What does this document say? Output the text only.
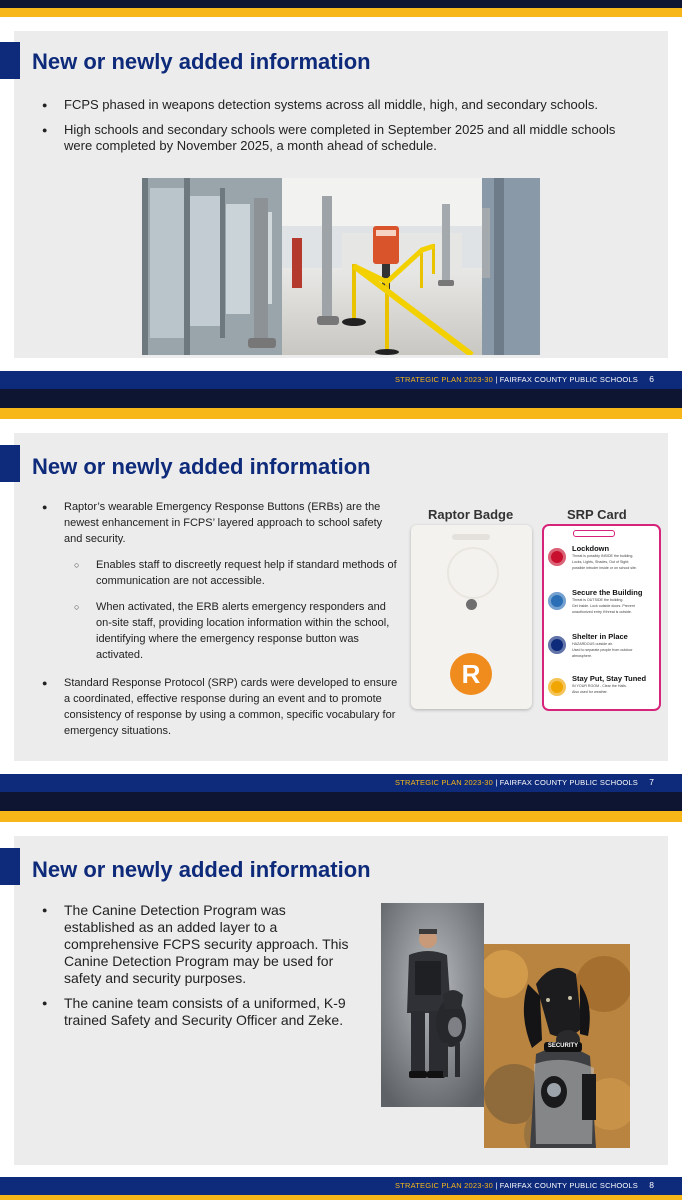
New or newly added information
● FCPS phased in weapons detection systems across all middle, high, and secondary schools.
● High schools and secondary schools were completed in September 2025 and all middle schools were completed by November 2025, a month ahead of schedule.
STRATEGIC PLAN 2023-30 | FAIRFAX COUNTY PUBLIC SCHOOLS 6
New or newly added information
● Raptor’s wearable Emergency Response Buttons (ERBs) are the newest enhancement in FCPS’ layered approach to school safety and security.
○ Enables staff to discreetly request help if standard methods of communication are not accessible.
○ When activated, the ERB alerts emergency responders and on-site staff, providing location information within the school, identifying where the emergency response button was activated.
● Standard Response Protocol (SRP) cards were developed to ensure a coordinated, effective response during an event and to promote consistency of response by using a common, specific vocabulary for emergency situations.
Raptor Badge	SRP Card
R
Lockdown
Threat is possibly INSIDE the building.
Locks, Lights, Shades, Out of Sight;
possible intruder inside or on school site.
Secure the Building
Threat is OUTSIDE the building.
Get inside. Lock outside doors. Prevent
unauthorized entry if threat is outside.
Shelter in Place
HAZARDOUS outside air.
Used to separate people from outdoor
atmosphere.
Stay Put, Stay Tuned
IN YOUR ROOM - Clear the Halls.
Also used for weather.
STRATEGIC PLAN 2023-30 | FAIRFAX COUNTY PUBLIC SCHOOLS 7
New or newly added information
● The Canine Detection Program was established as an added layer to a comprehensive FCPS security approach. This Canine Detection Program may be used for safety and security purposes.
● The canine team consists of a uniformed, K-9 trained Safety and Security Officer and Zeke.
SECURITY
STRATEGIC PLAN 2023-30 | FAIRFAX COUNTY PUBLIC SCHOOLS 8
